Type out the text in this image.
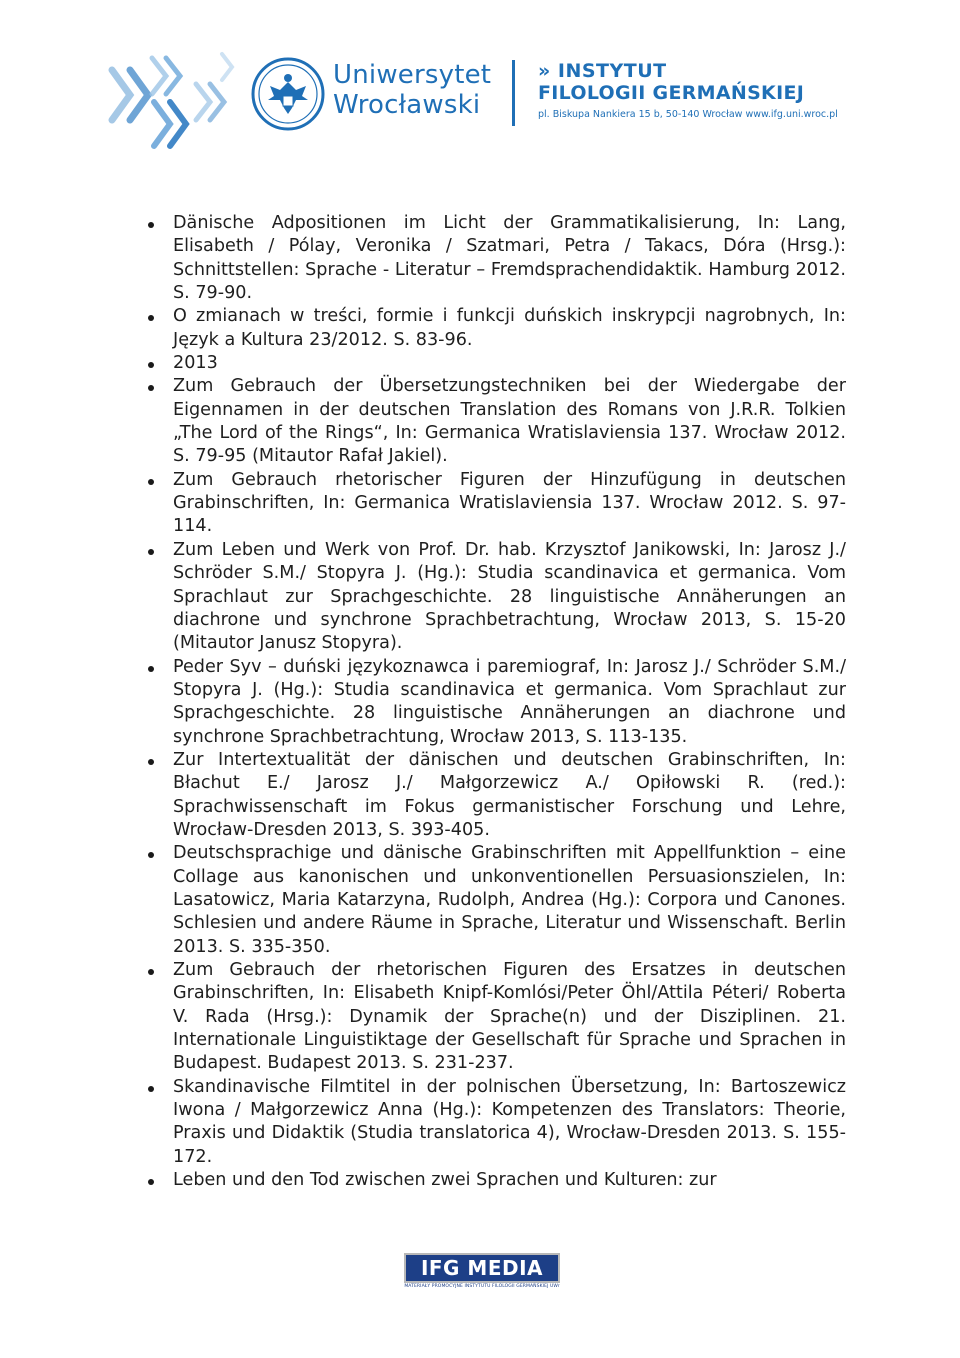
Uniwersytet
Wrocławski
» INSTYTUT
FILOLOGII GERMAŃSKIEJ
pl. Biskupa Nankiera 15 b, 50-140 Wrocław www.ifg.uni.wroc.pl
Dänische Adpositionen im Licht der Grammatikalisierung, In: Lang, Elisabeth / Pólay, Veronika / Szatmari, Petra / Takacs, Dóra (Hrsg.): Schnittstellen: Sprache - Literatur – Fremdsprachendidaktik. Hamburg 2012. S. 79-90.
O zmianach w treści, formie i funkcji duńskich inskrypcji nagrobnych, In: Język a Kultura 23/2012. S. 83-96.
2013
Zum Gebrauch der Übersetzungstechniken bei der Wiedergabe der Eigennamen in der deutschen Translation des Romans von J.R.R. Tolkien „The Lord of the Rings“, In: Germanica Wratislaviensia 137. Wrocław 2012. S. 79-95 (Mitautor Rafał Jakiel).
Zum Gebrauch rhetorischer Figuren der Hinzufügung in deutschen Grabinschriften, In: Germanica Wratislaviensia 137. Wrocław 2012. S. 97-114.
Zum Leben und Werk von Prof. Dr. hab. Krzysztof Janikowski, In: Jarosz J./ Schröder S.M./ Stopyra J. (Hg.): Studia scandinavica et germanica. Vom Sprachlaut zur Sprachgeschichte. 28 linguistische Annäherungen an diachrone und synchrone Sprachbetrachtung, Wrocław 2013, S. 15-20 (Mitautor Janusz Stopyra).
Peder Syv – duński językoznawca i paremiograf, In: Jarosz J./ Schröder S.M./ Stopyra J. (Hg.): Studia scandinavica et germanica. Vom Sprachlaut zur Sprachgeschichte. 28 linguistische Annäherungen an diachrone und synchrone Sprachbetrachtung, Wrocław 2013, S. 113-135.
Zur Intertextualität der dänischen und deutschen Grabinschriften, In: Błachut E./ Jarosz J./ Małgorzewicz A./ Opiłowski R. (red.): Sprachwissenschaft im Fokus germanistischer Forschung und Lehre, Wrocław-Dresden 2013, S. 393-405.
Deutschsprachige und dänische Grabinschriften mit Appellfunktion – eine Collage aus kanonischen und unkonventionellen Persuasionszielen, In: Lasatowicz, Maria Katarzyna, Rudolph, Andrea (Hg.): Corpora und Canones. Schlesien und andere Räume in Sprache, Literatur und Wissenschaft. Berlin 2013. S. 335-350.
Zum Gebrauch der rhetorischen Figuren des Ersatzes in deutschen Grabinschriften, In: Elisabeth Knipf-Komlósi/Peter Öhl/Attila Péteri/ Roberta V. Rada (Hrsg.): Dynamik der Sprache(n) und der Disziplinen. 21. Internationale Linguistiktage der Gesellschaft für Sprache und Sprachen in Budapest. Budapest 2013. S. 231-237.
Skandinavische Filmtitel in der polnischen Übersetzung, In: Bartoszewicz Iwona / Małgorzewicz Anna (Hg.): Kompetenzen des Translators: Theorie, Praxis und Didaktik (Studia translatorica 4), Wrocław-Dresden 2013. S. 155-172.
Leben und den Tod zwischen zwei Sprachen und Kulturen: zur
IFG MEDIA
MATERIAŁY PROMOCYJNE INSTYTUTU FILOLOGII GERMAŃSKIEJ UWr
